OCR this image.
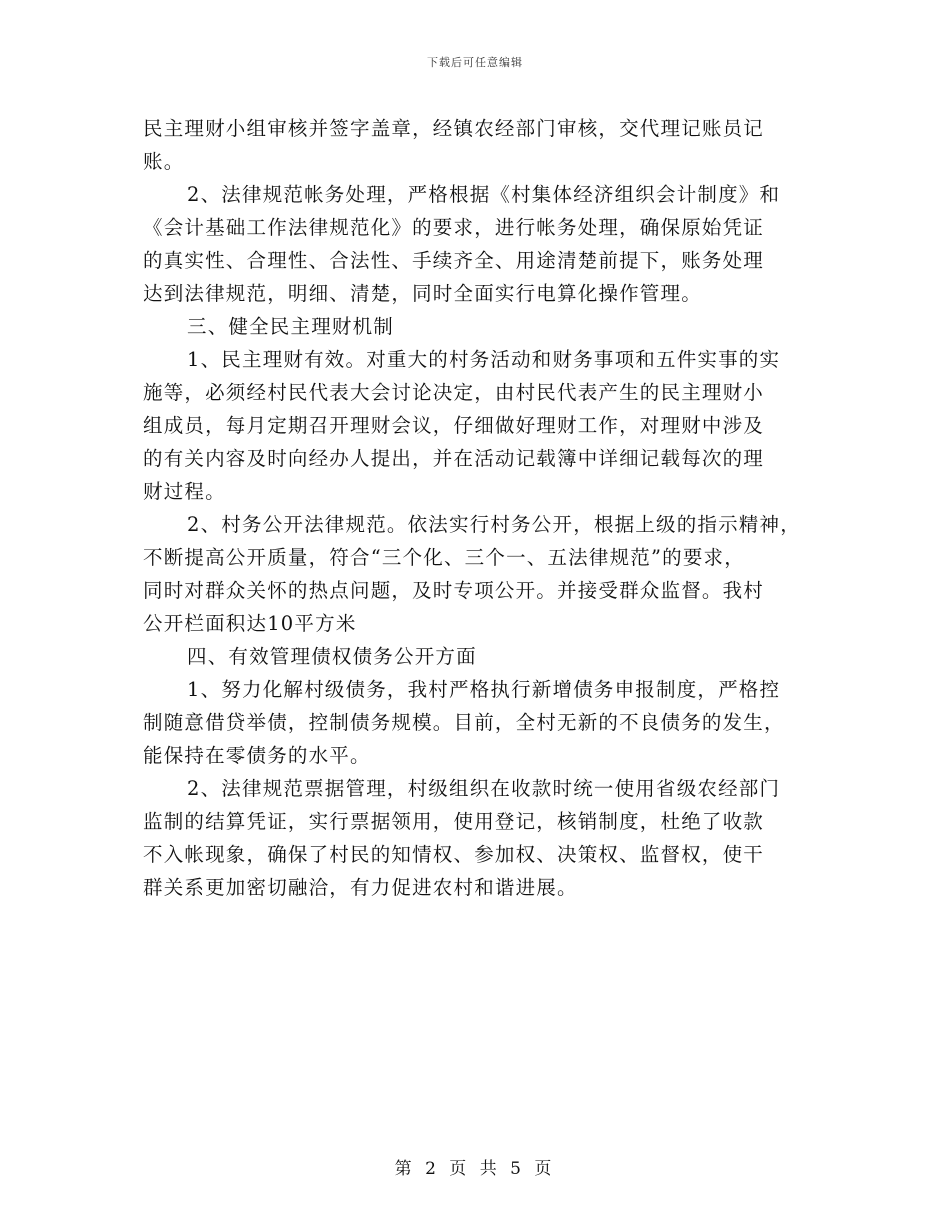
下载后可任意编辑
民主理财小组审核并签字盖章，经镇农经部门审核，交代理记账员记
账。
2、法律规范帐务处理，严格根据《村集体经济组织会计制度》和
《会计基础工作法律规范化》的要求，进行帐务处理，确保原始凭证
的真实性、合理性、合法性、手续齐全、用途清楚前提下，账务处理
达到法律规范，明细、清楚，同时全面实行电算化操作管理。
三、健全民主理财机制
1、民主理财有效。对重大的村务活动和财务事项和五件实事的实
施等，必须经村民代表大会讨论决定，由村民代表产生的民主理财小
组成员，每月定期召开理财会议，仔细做好理财工作，对理财中涉及
的有关内容及时向经办人提出，并在活动记载簿中详细记载每次的理
财过程。
2、村务公开法律规范。依法实行村务公开，根据上级的指示精神，
不断提高公开质量，符合“三个化、三个一、五法律规范”的要求，
同时对群众关怀的热点问题，及时专项公开。并接受群众监督。我村
公开栏面积达10平方米
四、有效管理债权债务公开方面
1、努力化解村级债务，我村严格执行新增债务申报制度，严格控
制随意借贷举债，控制债务规模。目前，全村无新的不良债务的发生，
能保持在零债务的水平。
2、法律规范票据管理，村级组织在收款时统一使用省级农经部门
监制的结算凭证，实行票据领用，使用登记，核销制度，杜绝了收款
不入帐现象，确保了村民的知情权、参加权、决策权、监督权，使干
群关系更加密切融洽，有力促进农村和谐进展。
第 2 页 共 5 页
